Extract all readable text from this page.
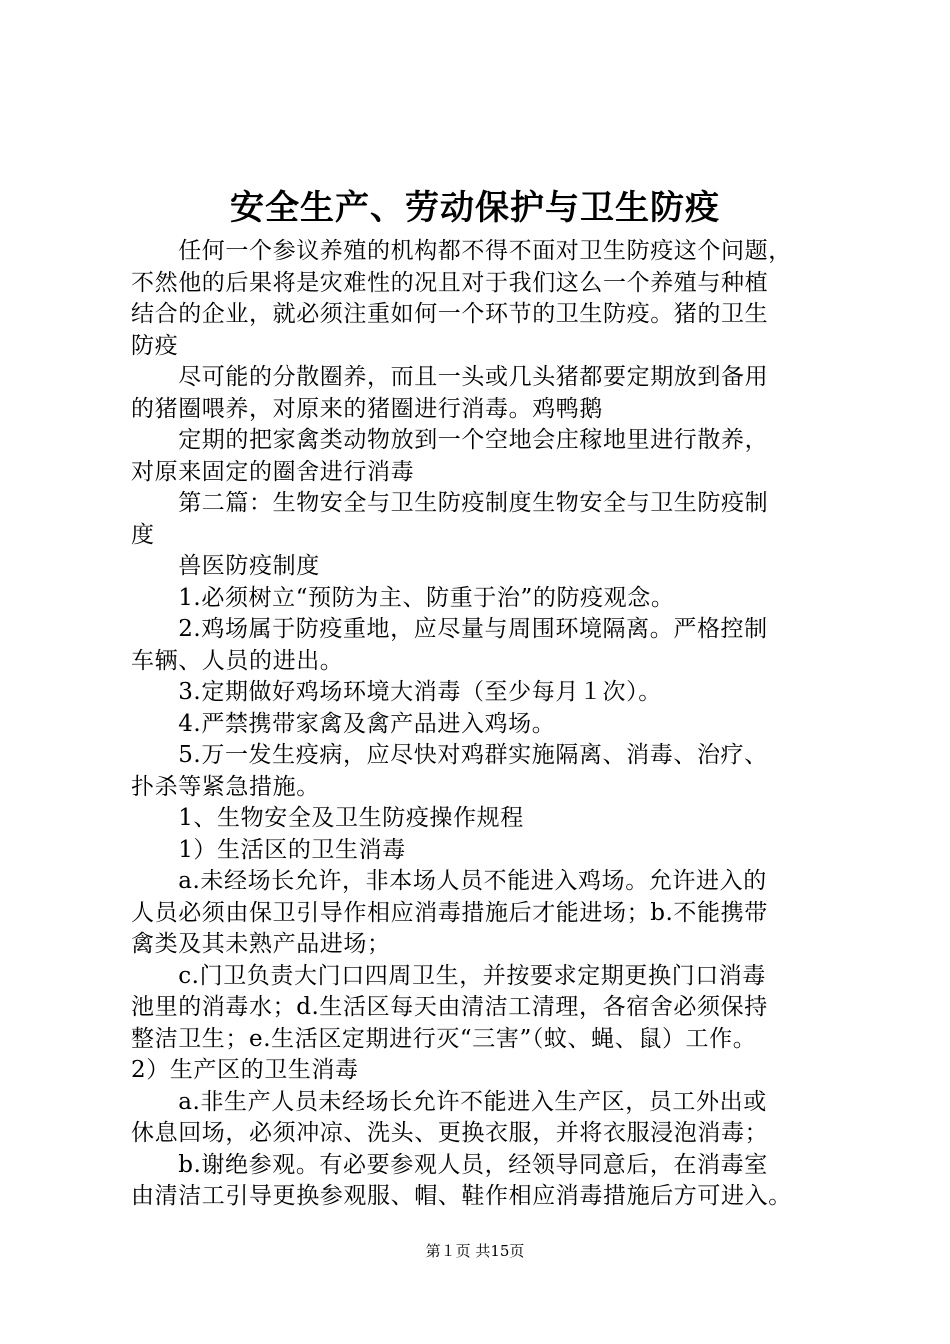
安全生产、劳动保护与卫生防疫

　　任何一个参议养殖的机构都不得不面对卫生防疫这个问题，

不然他的后果将是灾难性的况且对于我们这么一个养殖与种植

结合的企业，就必须注重如何一个环节的卫生防疫。猪的卫生

防疫

　　尽可能的分散圈养，而且一头或几头猪都要定期放到备用

的猪圈喂养，对原来的猪圈进行消毒。鸡鸭鹅

　　定期的把家禽类动物放到一个空地会庄稼地里进行散养，

对原来固定的圈舍进行消毒

　　第二篇：生物安全与卫生防疫制度生物安全与卫生防疫制

度

　　兽医防疫制度

　　1.必须树立“预防为主、防重于治”的防疫观念。

　　2.鸡场属于防疫重地，应尽量与周围环境隔离。严格控制

车辆、人员的进出。

　　3.定期做好鸡场环境大消毒（至少每月１次）。

　　4.严禁携带家禽及禽产品进入鸡场。

　　5.万一发生疫病，应尽快对鸡群实施隔离、消毒、治疗、

扑杀等紧急措施。

　　1、生物安全及卫生防疫操作规程

　　1）生活区的卫生消毒

　　a.未经场长允许，非本场人员不能进入鸡场。允许进入的

人员必须由保卫引导作相应消毒措施后才能进场；b.不能携带

禽类及其未熟产品进场；

　　c.门卫负责大门口四周卫生，并按要求定期更换门口消毒

池里的消毒水；d.生活区每天由清洁工清理，各宿舍必须保持

整洁卫生；e.生活区定期进行灭“三害”（蚊、蝇、鼠）工作。

2）生产区的卫生消毒

　　a.非生产人员未经场长允许不能进入生产区，员工外出或

休息回场，必须冲凉、洗头、更换衣服，并将衣服浸泡消毒；

　　b.谢绝参观。有必要参观人员，经领导同意后，在消毒室

由清洁工引导更换参观服、帽、鞋作相应消毒措施后方可进入。

第１页 共15页
